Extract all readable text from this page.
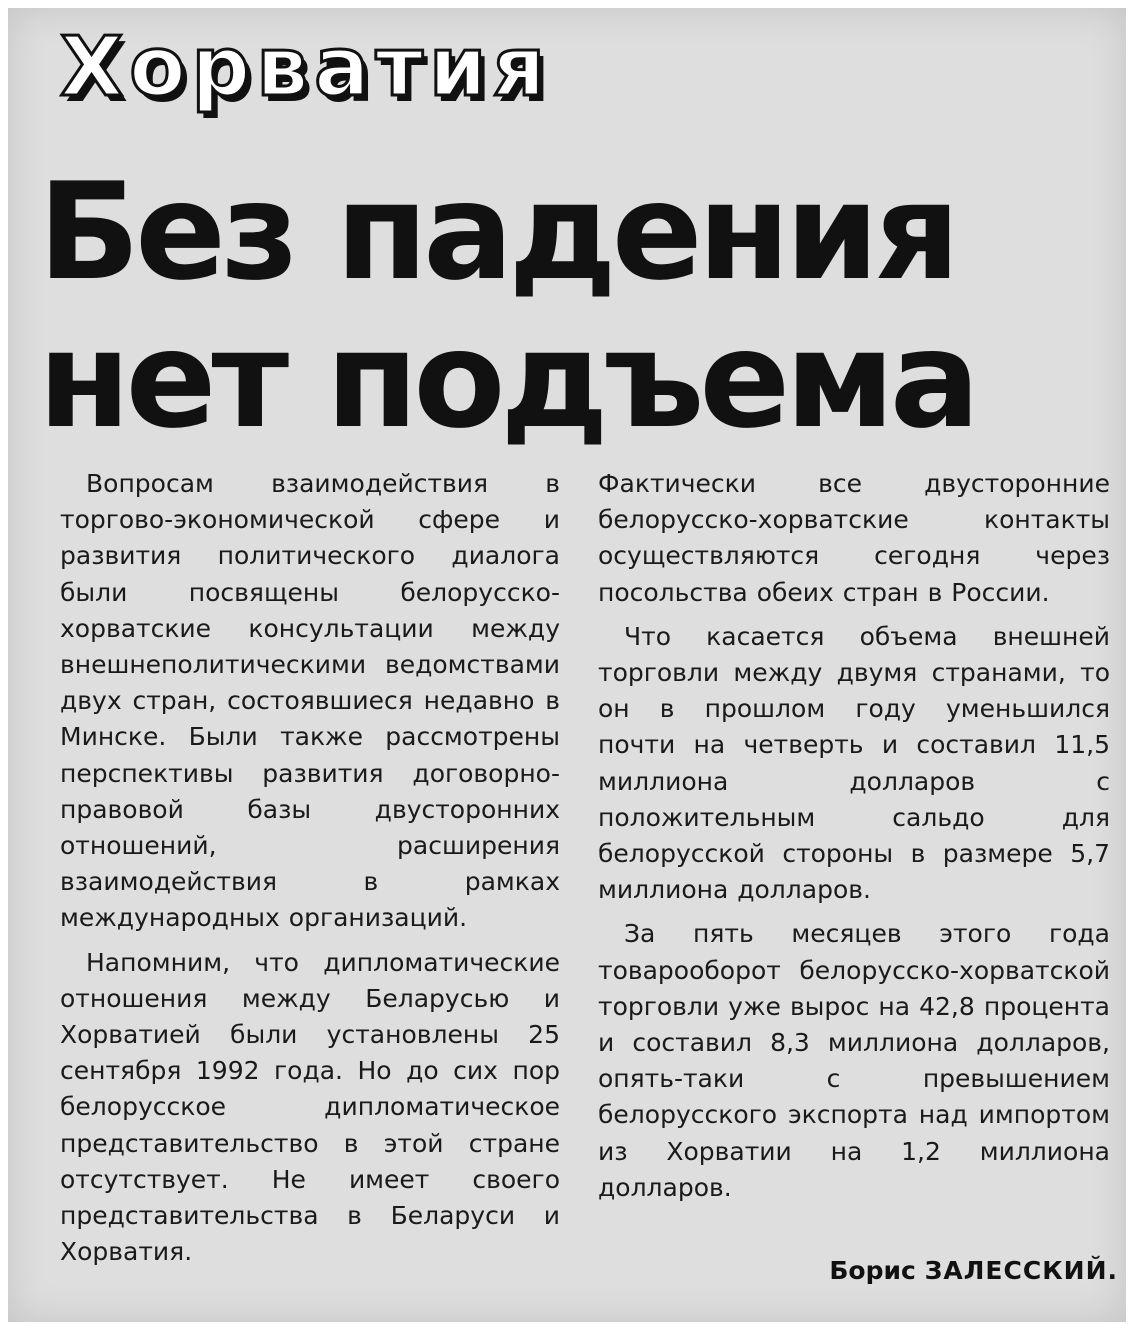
Хорватия
Без падения
нет подъема

Вопросам взаимодействия в торгово-экономической сфере и развития политического диалога были посвящены белорусско-хорватские консультации между внешнеполитическими ведомствами двух стран, состоявшиеся недавно в Минске. Были также рассмотрены перспективы развития договорно-правовой базы двусторонних отношений, расширения взаимодействия в рамках международных организаций.

Напомним, что дипломатические отношения между Беларусью и Хорватией были установлены 25 сентября 1992 года. Но до сих пор белорусское дипломатическое представительство в этой стране отсутствует. Не имеет своего представительства в Беларуси и Хорватия.

Фактически все двусторонние белорусско-хорватские контакты осуществляются сегодня через посольства обеих стран в России.

Что касается объема внешней торговли между двумя странами, то он в прошлом году уменьшился почти на четверть и составил 11,5 миллиона долларов с положительным сальдо для белорусской стороны в размере 5,7 миллиона долларов.

За пять месяцев этого года товарооборот белорусско-хорватской торговли уже вырос на 42,8 процента и составил 8,3 миллиона долларов, опять-таки с превышением белорусского экспорта над импортом из Хорватии на 1,2 миллиона долларов.

Борис ЗАЛЕССКИЙ.
